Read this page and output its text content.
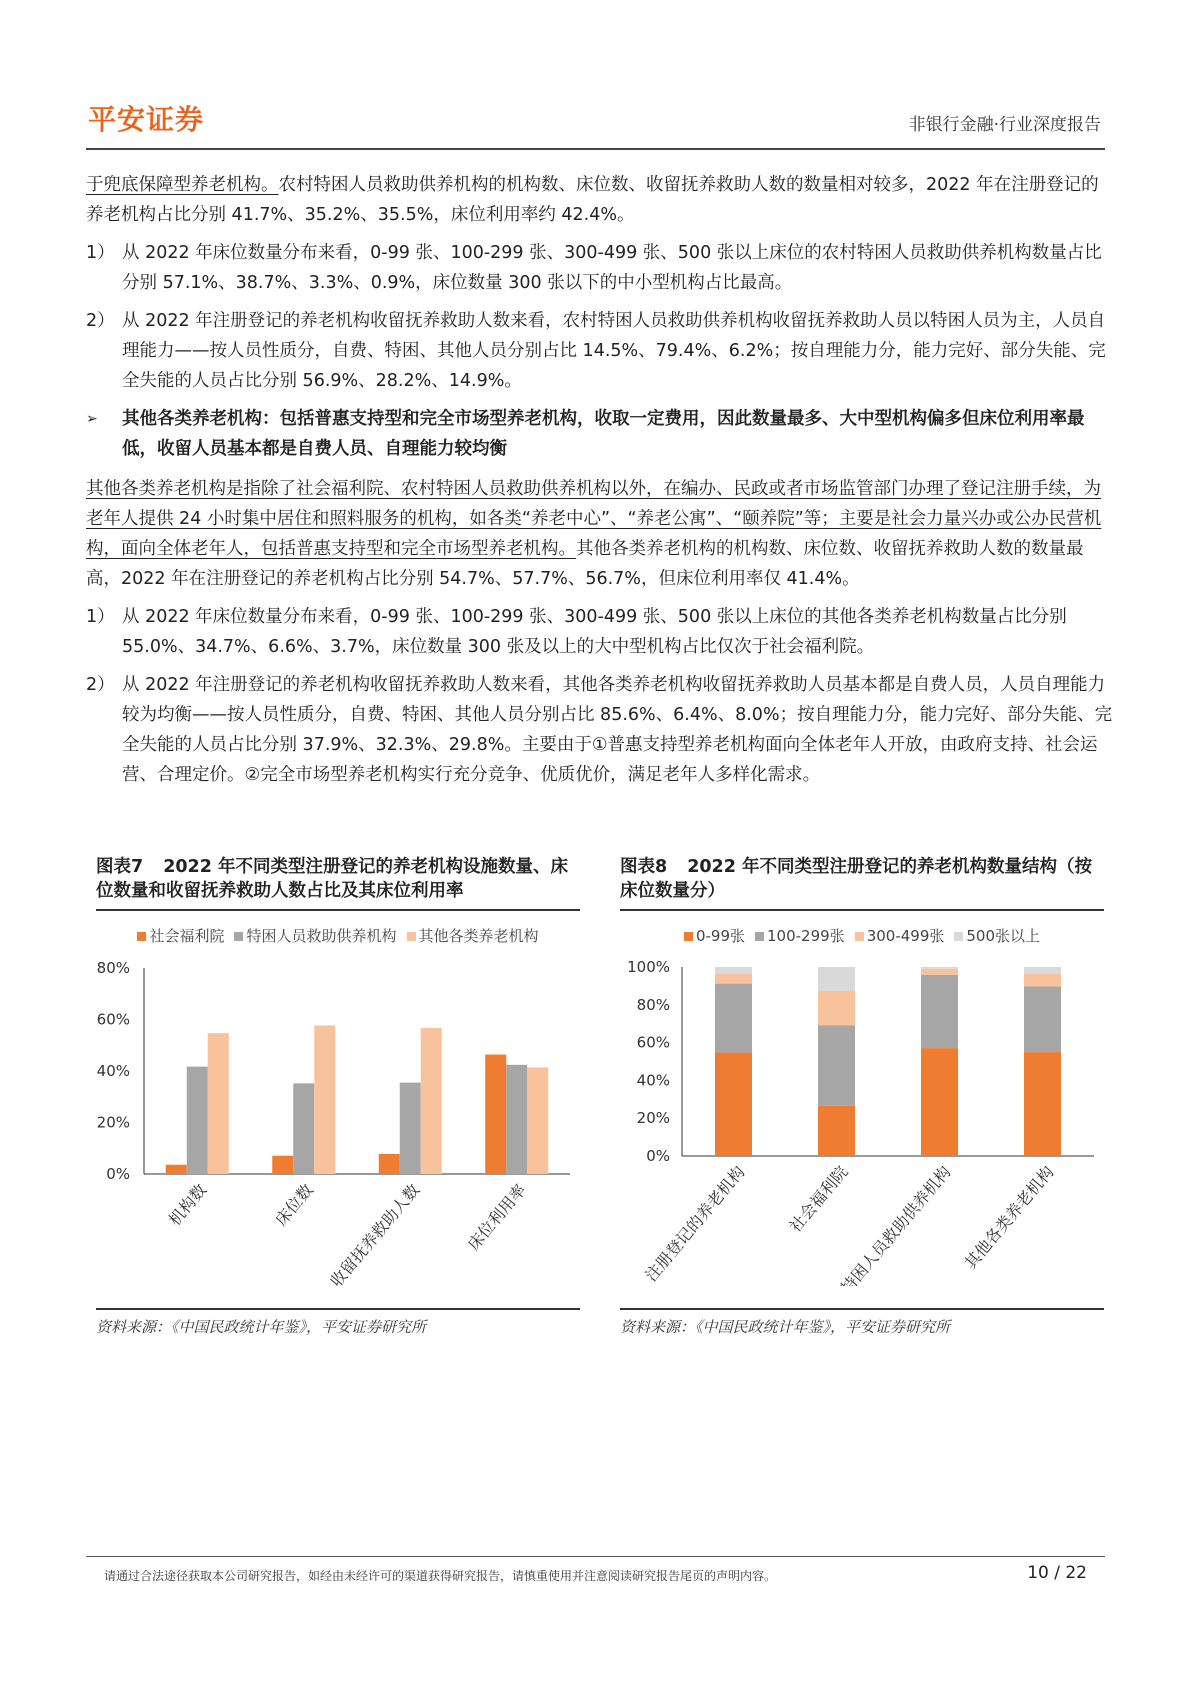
平安证券	非银行金融·行业深度报告

于兜底保障型养老机构。农村特困人员救助供养机构的机构数、床位数、收留抚养救助人数的数量相对较多，2022 年在注册登记的养老机构占比分别 41.7%、35.2%、35.5%，床位利用率约 42.4%。

1） 从 2022 年床位数量分布来看，0-99 张、100-299 张、300-499 张、500 张以上床位的农村特困人员救助供养机构数量占比分别 57.1%、38.7%、3.3%、0.9%，床位数量 300 张以下的中小型机构占比最高。
2） 从 2022 年注册登记的养老机构收留抚养救助人数来看，农村特困人员救助供养机构收留抚养救助人员以特困人员为主，人员自理能力——按人员性质分，自费、特困、其他人员分别占比 14.5%、79.4%、6.2%；按自理能力分，能力完好、部分失能、完全失能的人员占比分别 56.9%、28.2%、14.9%。
➢	其他各类养老机构：包括普惠支持型和完全市场型养老机构，收取一定费用，因此数量最多、大中型机构偏多但床位利用率最低，收留人员基本都是自费人员、自理能力较均衡

其他各类养老机构是指除了社会福利院、农村特困人员救助供养机构以外，在编办、民政或者市场监管部门办理了登记注册手续，为老年人提供 24 小时集中居住和照料服务的机构，如各类“养老中心”、“养老公寓”、“颐养院”等；主要是社会力量兴办或公办民营机构，面向全体老年人，包括普惠支持型和完全市场型养老机构。其他各类养老机构的机构数、床位数、收留抚养救助人数的数量最高，2022 年在注册登记的养老机构占比分别 54.7%、57.7%、56.7%，但床位利用率仅 41.4%。

1） 从 2022 年床位数量分布来看，0-99 张、100-299 张、300-499 张、500 张以上床位的其他各类养老机构数量占比分别 55.0%、34.7%、6.6%、3.7%，床位数量 300 张及以上的大中型机构占比仅次于社会福利院。
2） 从 2022 年注册登记的养老机构收留抚养救助人数来看，其他各类养老机构收留抚养救助人员基本都是自费人员，人员自理能力较为均衡——按人员性质分，自费、特困、其他人员分别占比 85.6%、6.4%、8.0%；按自理能力分，能力完好、部分失能、完全失能的人员占比分别 37.9%、32.3%、29.8%。主要由于①普惠支持型养老机构面向全体老年人开放，由政府支持、社会运营、合理定价。②完全市场型养老机构实行充分竞争、优质优价，满足老年人多样化需求。
图表7 2022 年不同类型注册登记的养老机构设施数量、床位数量和收留抚养救助人数占比及其床位利用率
社会福利院	特困人员救助供养机构	其他各类养老机构
0%
20%
40%
60%
80%
机构数	床位数 收留抚养救助人数	床位利用率
资料来源：《中国民政统计年鉴》，平安证券研究所
图表8 2022 年不同类型注册登记的养老机构数量结构（按床位数量分）
0-99张	100-299张	300-499张	500张以上
0%
20%
40%
60%
80%
100%
注册登记的养老机构 社会福利院
特困人员救助供养机构 其他各类养老机构
资料来源：《中国民政统计年鉴》，平安证券研究所
请通过合法途径获取本公司研究报告，如经由未经许可的渠道获得研究报告，请慎重使用并注意阅读研究报告尾页的声明内容。	10 / 22
